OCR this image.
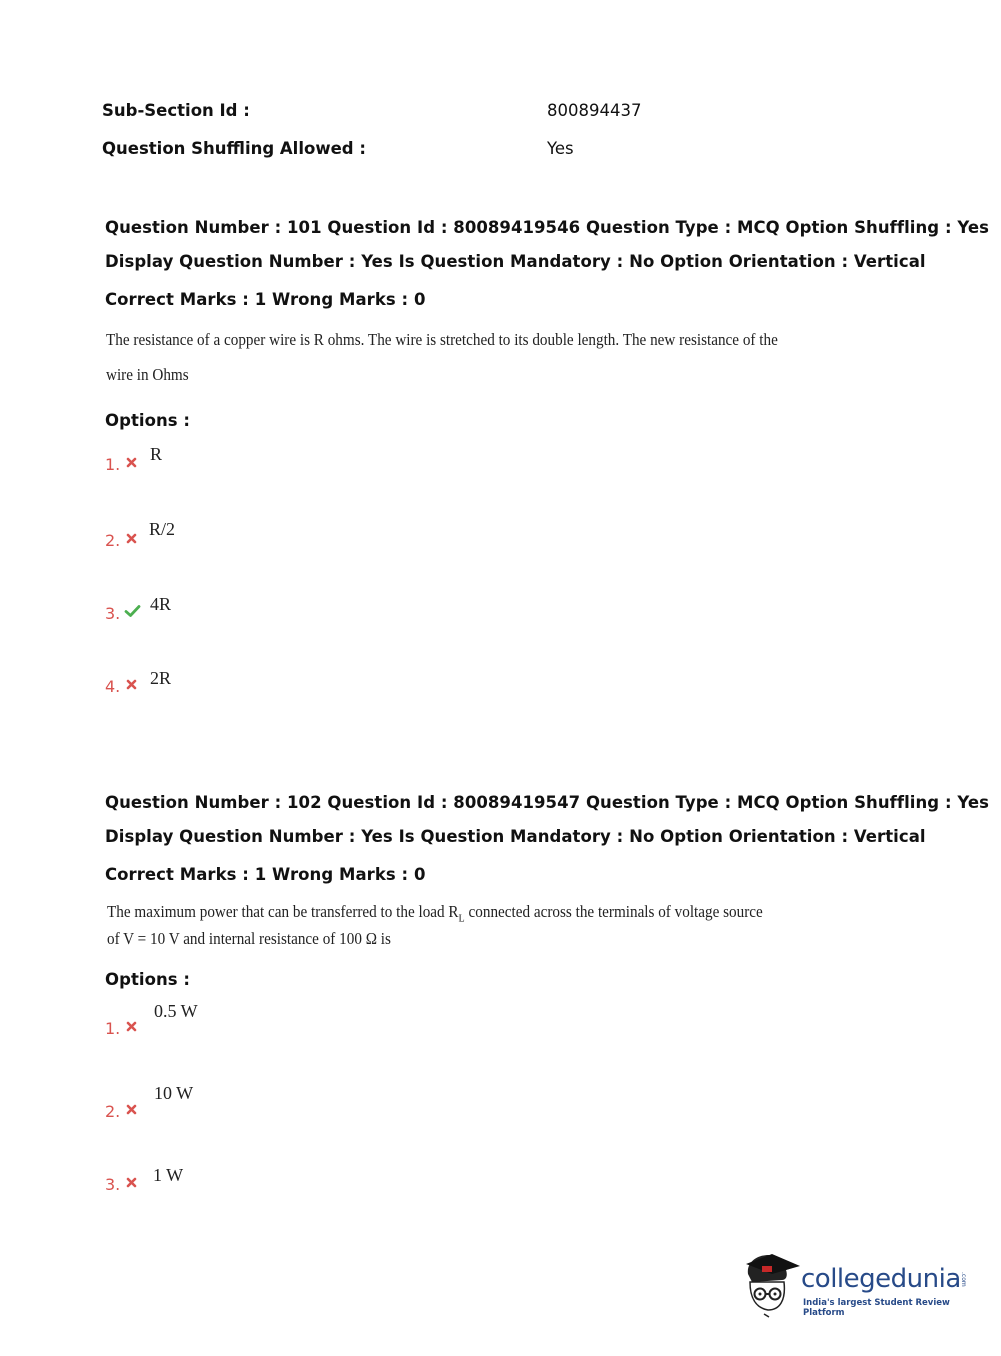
Sub-Section Id :	800894437
Question Shuffling Allowed :	Yes
Question Number : 101 Question Id : 80089419546 Question Type : MCQ Option Shuffling : Yes
Display Question Number : Yes Is Question Mandatory : No Option Orientation : Vertical
Correct Marks : 1 Wrong Marks : 0
The resistance of a copper wire is R ohms. The wire is stretched to its double length. The new resistance of the
wire in Ohms
Options :
1.
R
2.
R/2
3. 4R
4. 2R
Question Number : 102 Question Id : 80089419547 Question Type : MCQ Option Shuffling : Yes
Display Question Number : Yes Is Question Mandatory : No Option Orientation : Vertical
Correct Marks : 1 Wrong Marks : 0
The maximum power that can be transferred to the load $R_L$ connected across the terminals of voltage source
of V = 10 V and internal resistance of 100 Ω is
Options :
1.
0.5 W
2.
10 W
3. 1 W
collegedunia .com
India's largest Student Review Platform
